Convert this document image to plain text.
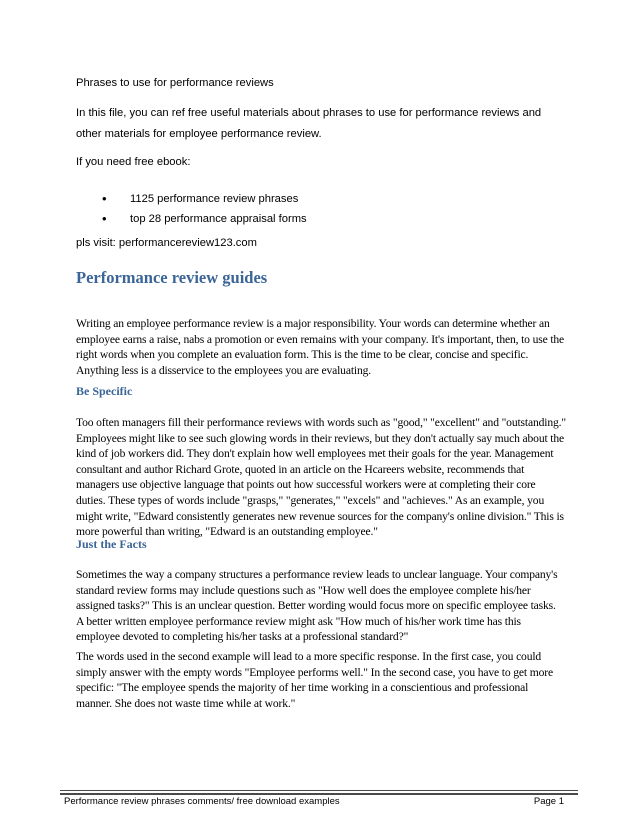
Phrases to use for performance reviews

In this file, you can ref free useful materials about phrases to use for performance reviews and other materials for employee performance review.

If you need free ebook:

• 1125 performance review phrases
• top 28 performance appraisal forms

pls visit: performancereview123.com

Performance review guides

Writing an employee performance review is a major responsibility. Your words can determine whether an employee earns a raise, nabs a promotion or even remains with your company. It's important, then, to use the right words when you complete an evaluation form. This is the time to be clear, concise and specific. Anything less is a disservice to the employees you are evaluating.

Be Specific

Too often managers fill their performance reviews with words such as "good," "excellent" and "outstanding." Employees might like to see such glowing words in their reviews, but they don't actually say much about the kind of job workers did. They don't explain how well employees met their goals for the year. Management consultant and author Richard Grote, quoted in an article on the Hcareers website, recommends that managers use objective language that points out how successful workers were at completing their core duties. These types of words include "grasps," "generates," "excels" and "achieves." As an example, you might write, "Edward consistently generates new revenue sources for the company's online division." This is more powerful than writing, "Edward is an outstanding employee."

Just the Facts

Sometimes the way a company structures a performance review leads to unclear language. Your company's standard review forms may include questions such as "How well does the employee complete his/her assigned tasks?" This is an unclear question. Better wording would focus more on specific employee tasks. A better written employee performance review might ask "How much of his/her work time has this employee devoted to completing his/her tasks at a professional standard?"

The words used in the second example will lead to a more specific response. In the first case, you could simply answer with the empty words "Employee performs well." In the second case, you have to get more specific: "The employee spends the majority of her time working in a conscientious and professional manner. She does not waste time while at work."

Performance review phrases comments/ free download examples	Page 1
